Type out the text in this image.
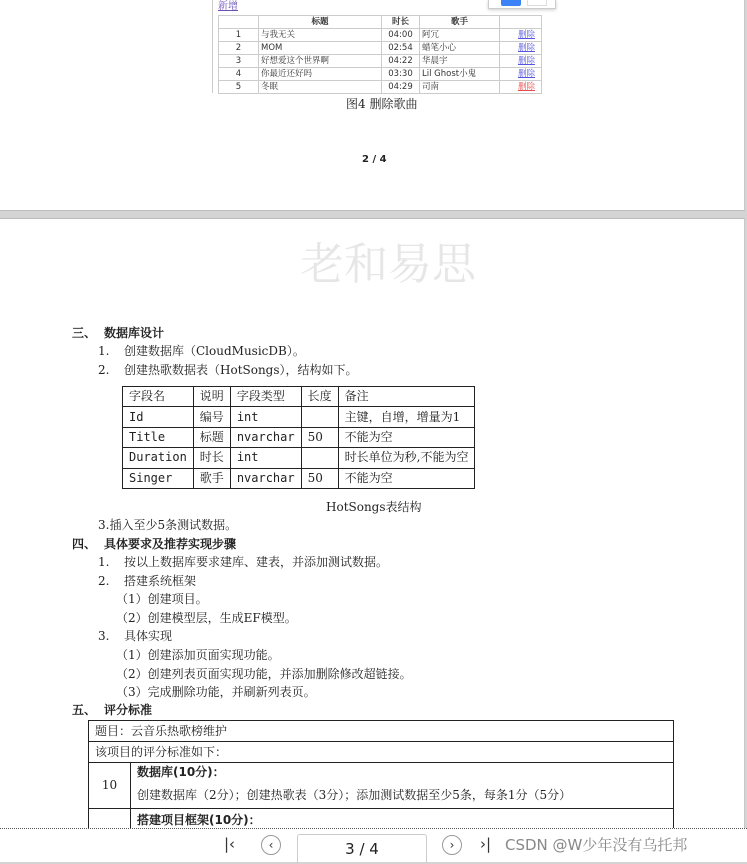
新增
	标题	时长	歌手	
1	与我无关	04:00	阿冗	删除
2	MOM	02:54	蜡笔小心	删除
3	好想爱这个世界啊	04:22	华晨宇	删除
4	你最近还好吗	03:30	Lil Ghost小鬼	删除
5	冬眠	04:29	司南	删除
图4 删除歌曲
2 / 4
老和易思
三、 数据库设计
1. 创建数据库（CloudMusicDB）。
2. 创建热歌数据表（HotSongs），结构如下。
字段名	说明	字段类型	长度	备注
Id	编号	int		主键，自增，增量为1
Title	标题	nvarchar	50	不能为空
Duration	时长	int		时长单位为秒,不能为空
Singer	歌手	nvarchar	50	不能为空
HotSongs表结构
3.插入至少5条测试数据。
四、 具体要求及推荐实现步骤
1. 按以上数据库要求建库、建表，并添加测试数据。
2. 搭建系统框架
（1）创建项目。
（2）创建模型层，生成EF模型。
3. 具体实现
（1）创建添加页面实现功能。
（2）创建列表页面实现功能，并添加删除修改超链接。
（3）完成删除功能，并刷新列表页。
五、 评分标准
题目：云音乐热歌榜维护	
该项目的评分标准如下：	
10	数据库(10分)：
	创建数据库（2分）；创建热歌表（3分）；添加测试数据至少5条，每条1分（5分）
	搭建项目框架(10分)：
|‹	‹	3 / 4	›	›| CSDN @W少年没有乌托邦
